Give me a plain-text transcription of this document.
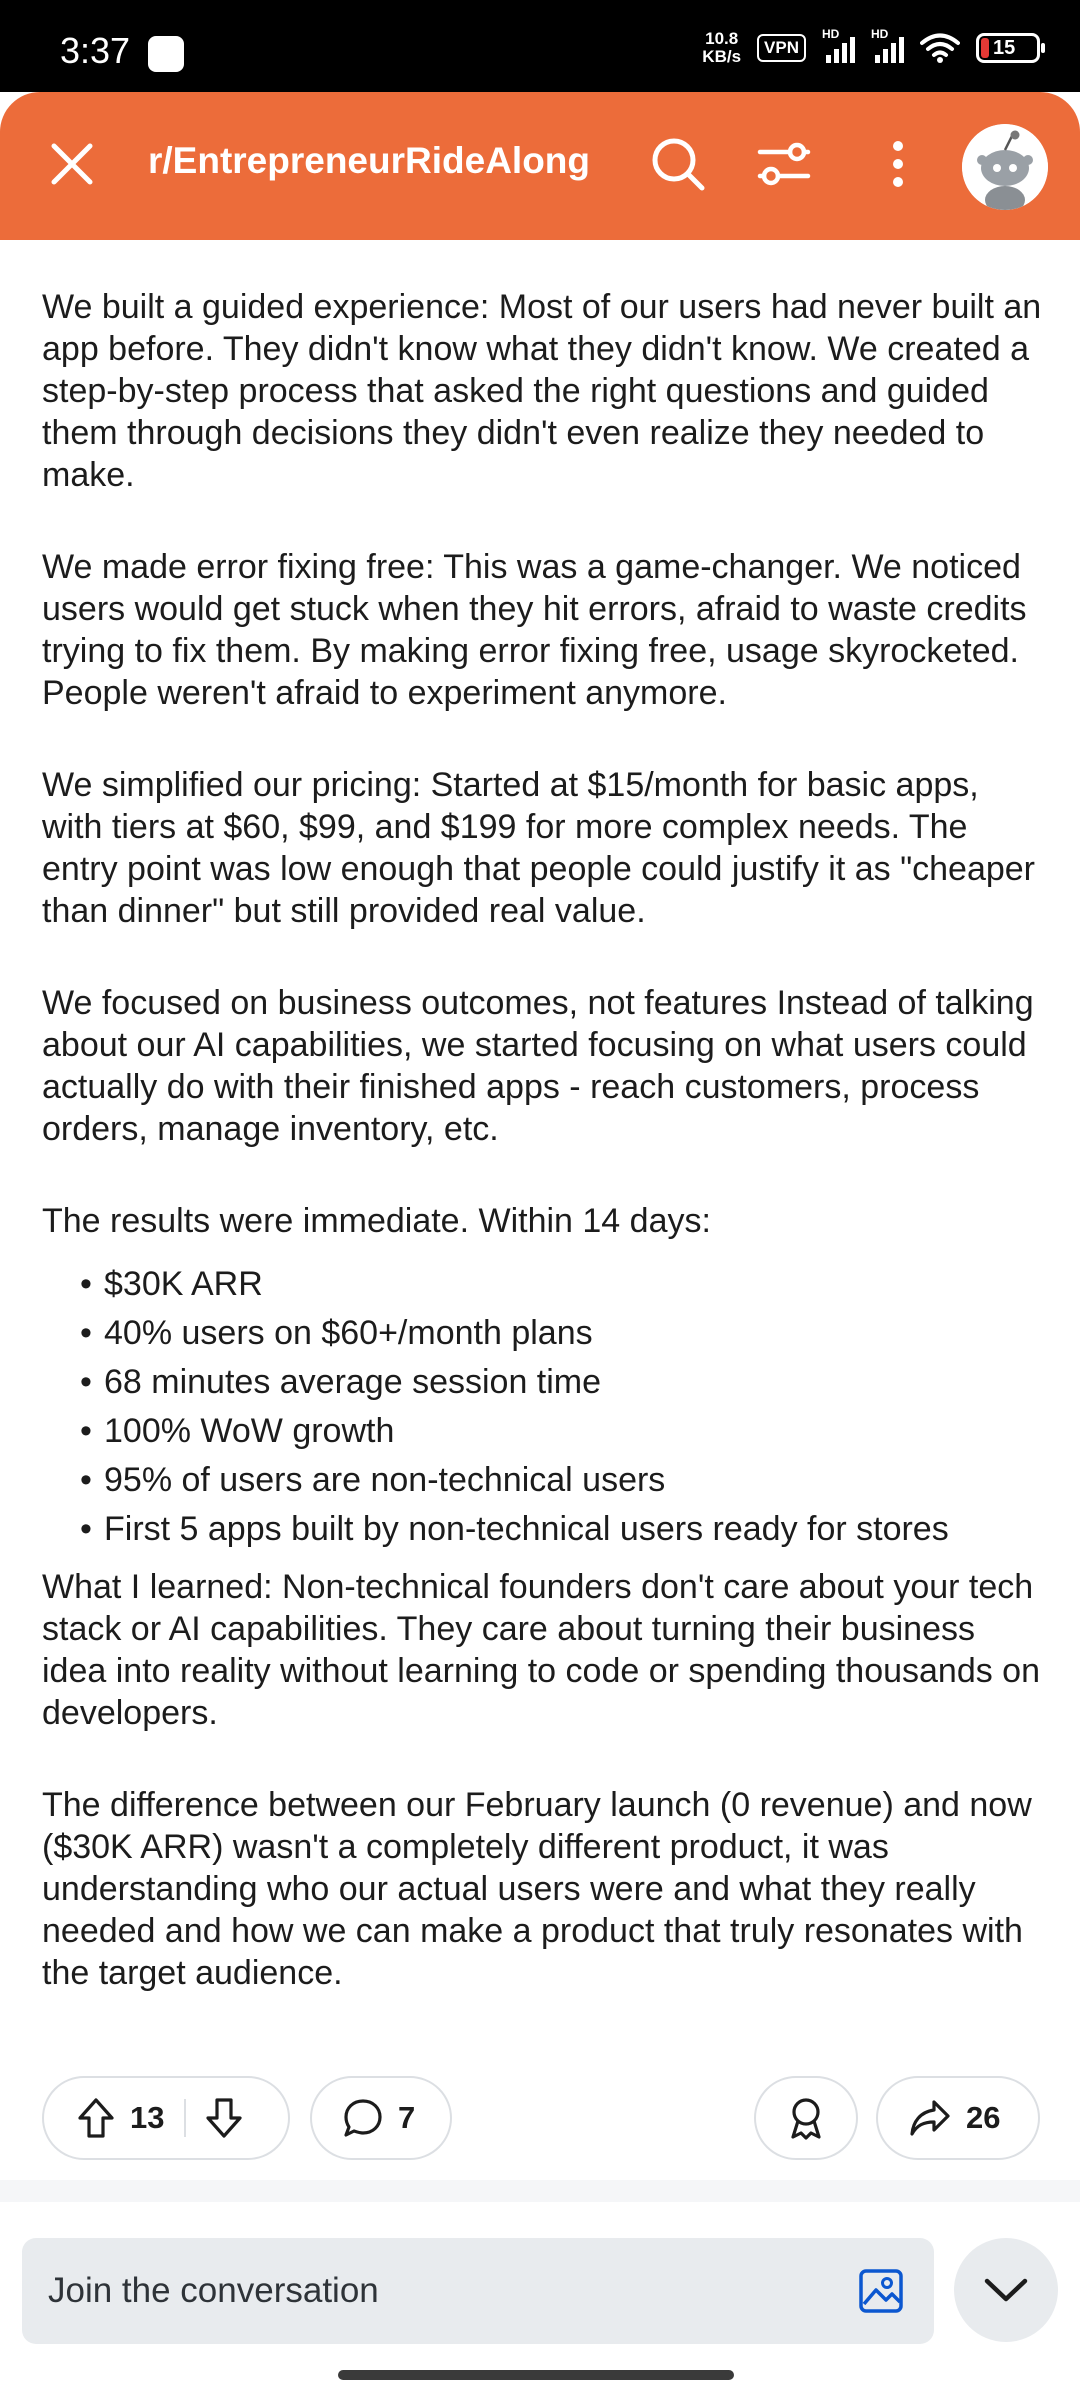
3:37	10.8
KB/s	VPN
HD	HD
15
r/EntrepreneurRideAlong

We built a guided experience: Most of our users had never built an app before. They didn't know what they didn't know. We created a step-by-step process that asked the right questions and guided them through decisions they didn't even realize they needed to make.

We made error fixing free: This was a game-changer. We noticed users would get stuck when they hit errors, afraid to waste credits trying to fix them. By making error fixing free, usage skyrocketed. People weren't afraid to experiment anymore.

We simplified our pricing: Started at $15/month for basic apps, with tiers at $60, $99, and $199 for more complex needs. The entry point was low enough that people could justify it as "cheaper than dinner" but still provided real value.

We focused on business outcomes, not features Instead of talking about our AI capabilities, we started focusing on what users could actually do with their finished apps - reach customers, process orders, manage inventory, etc.

The results were immediate. Within 14 days:

• $30K ARR
• 40% users on $60+/month plans
• 68 minutes average session time
• 100% WoW growth
• 95% of users are non-technical users
• First 5 apps built by non-technical users ready for stores

What I learned: Non-technical founders don't care about your tech stack or AI capabilities. They care about turning their business idea into reality without learning to code or spending thousands on developers.

The difference between our February launch (0 revenue) and now ($30K ARR) wasn't a completely different product, it was understanding who our actual users were and what they really needed and how we can make a product that truly resonates with the target audience.

13	7	26
Join the conversation
